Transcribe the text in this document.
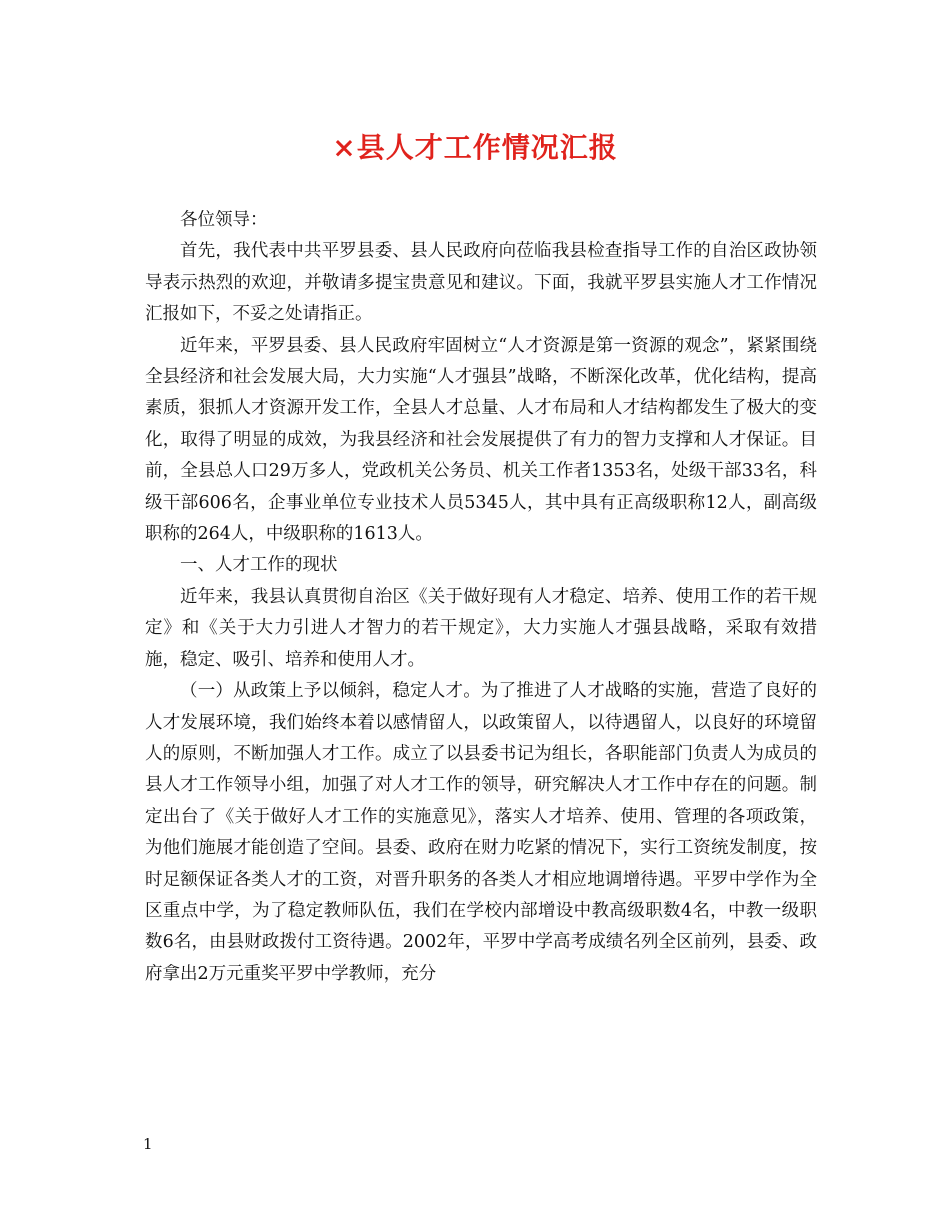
×县人才工作情况汇报

各位领导：

首先，我代表中共平罗县委、县人民政府向莅临我县检查指导工作的自治区政协领导表示热烈的欢迎，并敬请多提宝贵意见和建议。下面，我就平罗县实施人才工作情况汇报如下，不妥之处请指正。

近年来，平罗县委、县人民政府牢固树立“人才资源是第一资源的观念”，紧紧围绕全县经济和社会发展大局，大力实施“人才强县”战略，不断深化改革，优化结构，提高素质，狠抓人才资源开发工作，全县人才总量、人才布局和人才结构都发生了极大的变化，取得了明显的成效，为我县经济和社会发展提供了有力的智力支撑和人才保证。目前，全县总人口29万多人，党政机关公务员、机关工作者1353名，处级干部33名，科级干部606名，企事业单位专业技术人员5345人，其中具有正高级职称12人，副高级职称的264人，中级职称的1613人。

一、人才工作的现状

近年来，我县认真贯彻自治区《关于做好现有人才稳定、培养、使用工作的若干规定》和《关于大力引进人才智力的若干规定》，大力实施人才强县战略，采取有效措施，稳定、吸引、培养和使用人才。

（一）从政策上予以倾斜，稳定人才。为了推进了人才战略的实施，营造了良好的人才发展环境，我们始终本着以感情留人，以政策留人，以待遇留人，以良好的环境留人的原则，不断加强人才工作。成立了以县委书记为组长，各职能部门负责人为成员的县人才工作领导小组，加强了对人才工作的领导，研究解决人才工作中存在的问题。制定出台了《关于做好人才工作的实施意见》，落实人才培养、使用、管理的各项政策，为他们施展才能创造了空间。县委、政府在财力吃紧的情况下，实行工资统发制度，按时足额保证各类人才的工资，对晋升职务的各类人才相应地调增待遇。平罗中学作为全区重点中学，为了稳定教师队伍，我们在学校内部增设中教高级职数4名，中教一级职数6名，由县财政拨付工资待遇。2002年，平罗中学高考成绩名列全区前列，县委、政府拿出2万元重奖平罗中学教师，充分

1
